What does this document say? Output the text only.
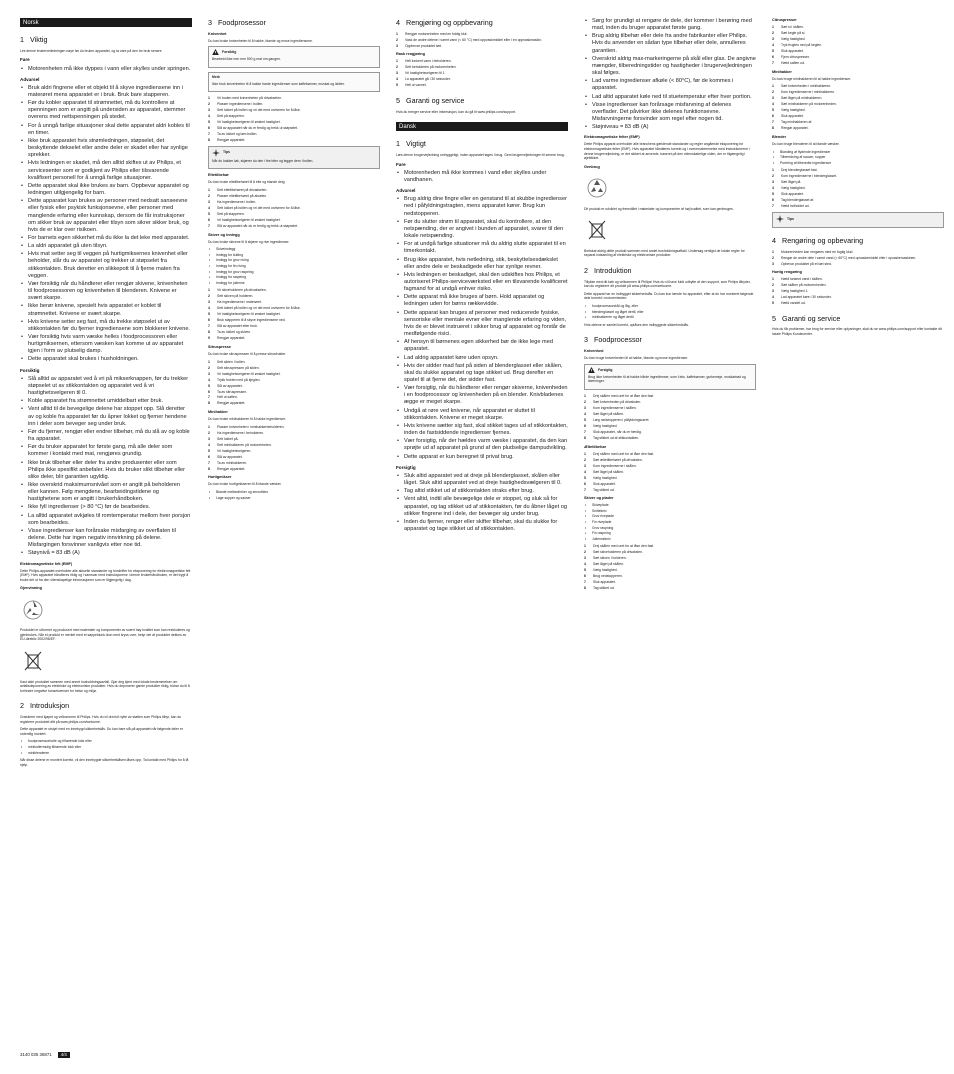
Norsk
1 Viktig

Les denne brukerveiledningen nøye før du bruker apparatet, og ta vare på den for bruk senere.

Fare
• Motorenheten må ikke dyppes i vann eller skylles under springen.
Advarsel
• Bruk aldri fingrene eller et objekt til å skyve ingrediensene inn i materøret mens apparatet er i bruk. Bruk bare stapperen.
• Før du kobler apparatet til strømnettet, må du kontrollere at spenningen som er angitt på undersiden av apparatet, stemmer overens med nettspenningen på stedet.
• For å unngå farlige situasjoner skal dette apparatet aldri kobles til en timer.
• Ikke bruk apparatet hvis strømledningen, støpselet, det beskyttende dekselet eller andre deler er skadet eller har synlige sprekker.
• Hvis ledningen er skadet, må den alltid skiftes ut av Philips, et servicesenter som er godkjent av Philips eller tilsvarende kvalifisert personell for å unngå farlige situasjoner.
• Dette apparatet skal ikke brukes av barn. Oppbevar apparatet og ledningen utilgjengelig for barn.
• Dette apparatet kan brukes av personer med nedsatt sanseevne eller fysisk eller psykisk funksjonsevne, eller personer med manglende erfaring eller kunnskap, dersom de får instruksjoner om sikker bruk av apparatet eller tilsyn som sikrer sikker bruk, og hvis de er klar over risikoen.
• For barnets egen sikkerhet må du ikke la det leke med apparatet.
• La aldri apparatet gå uten tilsyn.
• Hvis mat setter seg til veggen på hurtigmiksernes knivenhet eller beholder, slår du av apparatet og trekker ut støpselet fra stikkontakten. Bruk deretter en slikkepott til å fjerne maten fra veggen.
• Vær forsiktig når du håndterer eller rengjør skivene, knivenheten til foodprosessoren og knivenheten til blenderen. Knivene er svært skarpe.
• Ikke berør knivene, spesielt hvis apparatet er koblet til strømnettet. Knivene er svært skarpe.
• Hvis knivene setter seg fast, må du trekke støpselet ut av stikkontakten før du fjerner ingrediensene som blokkerer knivene.
• Vær forsiktig hvis varm væske helles i foodprocessoren eller hurtigmiksernen, ettersom væsken kan komme ut av apparatet igjen i form av plutselig damp.
• Dette apparatet skal brukes i husholdningen.
Forsiktig
• Slå alltid av apparatet ved å vri på mikserknappen, før du trekker støpselet ut av stikkontakten og apparatet ved å vri hastighetsvelgeren til 0.
• Koble apparatet fra strømnettet umiddelbart etter bruk.
• Vent alltid til de bevegelige delene har stoppet opp. Slå deretter av og koble fra apparatet før du åpner lokket og fjerner hendene inn i deler som beveger seg under bruk.
• Før du fjerner, rengjør eller endrer tilbehør, må du slå av og koble fra apparatet.
• Før du bruker apparatet for første gang, må alle deler som kommer i kontakt med mat, rengjøres grundig.
• Ikke bruk tilbehør eller deler fra andre produsenter eller som Philips ikke spesifikt anbefaler. Hvis du bruker slikt tilbehør eller slike deler, blir garantien ugyldig.
• Ikke overskrid maksimumsnivået som er angitt på beholderen eller kannen. Følg mengdene, bearbeidingstidene og hastighetene som er angitt i brukerhåndboken.
• Ikke fyll ingredienser (> 80 °C) før de bearbeides.
• La alltid apparatet avkjøles til romtemperatur mellom hver porsjon som bearbeides.
• Visse ingredienser kan forårsake misfarging av overflaten til delene. Dette har ingen negativ innvirkning på delene. Misfargingen forsvinner vanligvis etter noe tid.
• Støynivå = 83 dB (A)
Elektromagnetiske felt (EMF)

Dette Philips-apparatet overholder alle aktuelle standarder og forskrifter for eksponering for elektromagnetiske felt (EMF). Hvis apparatet håndteres riktig og i samsvar med instruksjonene i denne brukerhåndboken, er det trygt å bruke det ut fra den vitenskapelige informasjonen som er tilgjengelig i dag.

Gjenvinning

Produktet er utformet og produsert med materialer og komponenter av svært høy kvalitet som kan resirkuleres og gjenbrukes. Når et produkt er merket med et søppeldunk-ikon med kryss over, betyr det at produktet dekkes av EU-direktiv 2002/96/EF.

Kast aldri produktet sammen med annet husholdningsavfall. Gjør deg kjent med lokale bestemmelser om avfallsdeponering av elektriske og elektroniske produkter. Hvis du deponerer gamle produkter riktig, bidrar du til å forhindre negative konsekvenser for helse og miljø.

2 Introduksjon

Gratulerer med kjøpet og velkommen til Philips. Hvis du vil dra full nytte av støtten som Philips tilbyr, kan du registrere produktet ditt på www.philips.com/welcome.

Dette apparatet er utstyrt med en innebygd sikkerhetslås. Du kan bare slå på apparatet når følgende deler er ordentlig montert:

• foodprosessorbolle og tilhørende lokk eller
• minikuttermulig tilhørende lokk eller
• miniblenderen

Når disse delene er montert korrekt, vil den innebygde sikkerhetslåsen låses opp. Ta kontakt med Philips for å få hjelp.

3 Foodprosessor
Knivenhet

Du kan bruke knivenheten til å hakke, blande og mose ingrediensene.

Forsiktig

Bearbeid ikke mer enn 500 g mat om gangen.

Merk

Ikke bruk knivenheten til å hakke harde ingredienser som kaffebønner, muskat og isbiter.

1	Vri boden med knivenheten på drivakselen.
2	Plasser ingrediensene i bollen.
3	Sett lokket på bollen og vri det med urviseren for å låse.
4	Sett på stapperen.
5	Vri hastighetsvelgeren til ønsket hastighet.
6	Slå av apparatet når du er ferdig og trekk ut støpselet.
7	Ta av lokket og tøm bollen.
8	Rengjør apparatet.
Tips

Når du hakker løk, skjærer du den i fire biter og legger dem i bollen.

Eltetilbehør

Du kan bruke eltetilbehøret til å elte og blande deig.

1	Sett eltetilbehøret på drivakselen.
2	Plasser eltetilbehøret på akselen.
3	Ha ingrediensene i bollen.
4	Sett lokket på bollen og vri det med urviseren for å låse.
5	Sett på stapperen.
6	Vri hastighetsvelgeren til ønsket hastighet.
7	Slå av apparatet når du er ferdig og trekk ut støpselet.
Skiver og innlegg

Du kan bruke skivene til å skjære og rive ingredienser.

• Skiveinnlegg
• Innlegg for kutting
• Innlegg for grov riving
• Innlegg for fin riving
• Innlegg for grov raspeing
• Innlegg for raspeing
• Innlegg for julienne
1	Vri skiveholderen på drivakselen.
2	Sett skiven på holderen.
3	Ha ingrediensene i materøret.
4	Sett lokket på bollen og vri det med urviseren for å låse.
5	Vri hastighetsvelgeren til ønsket hastighet.
6	Bruk stapperen til å skyve ingrediensene ned.
7	Slå av apparatet etter bruk.
8	Ta av lokket og skiven.
9	Rengjør apparatet.
Sitruspresse

Du kan bruke sitruspressen til å presse sitrusfrukter.

1	Sett sikten i bollen.
2	Sett sitruspressen på sikten.
3	Vri hastighetsvelgeren til ønsket hastighet.
4	Trykk frukten ned på kjeglen.
5	Slå av apparatet.
6	Ta av sitruspressen.
7	Hell ut saften.
8	Rengjør apparatet.
Minihakker

Du kan bruke minihakkeren til å hakke ingredienser.

1	Plasser knivenheten i minihakkerbeholderen.
2	Ha ingrediensene i beholderen.
3	Sett lokket på.
4	Sett minihakkeren på motorenheten.
5	Vri hastighetsvelgeren.
6	Slå av apparatet.
7	Ta av minihakkeren.
8	Rengjør apparatet.
Hurtigmikser

Du kan bruke hurtigmikseren til å blande væsker.

• Blande melkedrinker og smoothies
• Lage supper og sauser
4 Rengjøring og oppbevaring
1	Rengjør motorenheten med en fuktig klut.
2	Vask de andre delene i varmt vann (< 60 °C) med oppvaskmiddel eller i en oppvaskmaskin.
3	Oppbevar produktet tørt.
Rask rengjøring
1	Hell lunkent vann i beholderen.
2	Sett beholderen på motorenheten.
3	Vri hastighetsvelgeren til 1.
4	La apparatet gå i 30 sekunder.
5	Hell ut vannet.
5 Garanti og service

Hvis du trenger service eller informasjon, kan du gå til www.philips.com/support.

Dansk
1 Vigtigt

Læs denne brugervejledning omhyggeligt, inden apparatet tages i brug. Gem brugervejledningen til senere brug.

Fare
• Motorenheden må ikke kommes i vand eller skylles under vandhanen.
Advarsel
• Brug aldrig dine fingre eller en genstand til at skubbe ingredienser ned i påfyldningstragten, mens apparatet kører. Brug kun nedstopperen.
• Før du slutter strøm til apparatet, skal du kontrollere, at den netspænding, der er angivet i bunden af apparatet, svarer til den lokale netspænding.
• For at undgå farlige situationer må du aldrig slutte apparatet til en timerkontakt.
• Brug ikke apparatet, hvis netledning, stik, beskyttelsesdækslet eller andre dele er beskadigede eller har synlige revner.
• Hvis ledningen er beskadiget, skal den udskiftes hos Philips, et autoriseret Philips-serviceværksted eller en tilsvarende kvalificeret fagmand for at undgå enhver risiko.
• Dette apparat må ikke bruges af børn. Hold apparatet og ledningen uden for børns rækkevidde.
• Dette apparat kan bruges af personer med reducerede fysiske, sensoriske eller mentale evner eller manglende erfaring og viden, hvis de er blevet instrueret i sikker brug af apparatet og forstår de medfølgende risici.
• Af hensyn til børnenes egen sikkerhed bør de ikke lege med apparatet.
• Lad aldrig apparatet køre uden opsyn.
• Hvis der sidder mad fast på siden af blenderglasset eller skålen, skal du slukke apparatet og tage stikket ud. Brug derefter en spatel til at fjerne det, der sidder fast.
• Vær forsigtig, når du håndterer eller rengør skiverne, knivenheden i en foodprocessor og knivenheden på en blender. Knivbladenes ægge er meget skarpe.
• Undgå at røre ved knivene, når apparatet er sluttet til stikkontakten. Knivene er meget skarpe.
• Hvis knivene sætter sig fast, skal stikket tages ud af stikkontakten, inden de fastsiddende ingredienser fjernes.
• Vær forsigtig, når der hældes varm væske i apparatet, da den kan sprøjte ud af apparatet på grund af den pludselige dampudvikling.
• Dette apparat er kun beregnet til privat brug.
Forsigtig
• Sluk altid apparatet ved at dreje på blenderglasset, skålen eller låget. Sluk altid apparatet ved at dreje hastighedsvælgeren til 0.
• Tag altid stikket ud af stikkontakten straks efter brug.
• Vent altid, indtil alle bevægelige dele er stoppet, og sluk så for apparatet, og tag stikket ud af stikkontakten, før du åbner låget og stikker fingrene ind i dele, der bevæger sig under brug.
• Inden du fjerner, rengør eller skifter tilbehør, skal du slukke for apparatet og tage stikket ud af stikkontakten.
• Sørg for grundigt at rengøre de dele, der kommer i berøring med mad, inden du bruger apparatet første gang.
• Brug aldrig tilbehør eller dele fra andre fabrikanter eller Philips. Hvis du anvender en sådan type tilbehør eller dele, annulleres garantien.
• Overskrid aldrig max-markeringerne på skål eller glas. De angivne mængder, tilberedningstider og hastigheder i brugervejledningen skal følges.
• Lad varme ingredienser afkøle (< 80°C), før de kommes i apparatet.
• Lad altid apparatet køle ned til stuetemperatur efter hver portion.
• Visse ingredienser kan forårsage misfarvning af delenes overflader. Det påvirker ikke delenes funktionsevne. Misfarvningerne forsvinder som regel efter nogen tid.
• Støjniveau = 83 dB (A)
Elektromagnetiske felter (EMF)

Dette Philips apparat overholder alle branchens gældende standarder og regler angående eksponering for elektromagnetiske felter (EMF). Hvis apparatet håndteres korrekt og i overensstemmelse med instruktionerne i denne brugervejledning, er det sikkert at anvende, baseret på den videnskabelige viden, der er tilgængelig i øjeblikket.

Genbrug

Dit produkt er udviklet og fremstillet i materialer og komponenter af høj kvalitet, som kan genbruges.

Bortskaf aldrig dette produkt sammen med andet husholdningsaffald. Undersøg venligst de lokale regler for separat indsamling af elektriske og elektroniske produkter.

2 Introduktion

Tillykke med dit køb og velkommen til Philips! Hvis du vil have fuldt udbytte af den support, som Philips tilbyder, kan du registrere dit produkt på www.philips.com/welcome.

Dette apparat har en indbygget sikkerhedslås. Du kan kun tænde for apparatet, efter at du har monteret følgende dele korrekt i motorenheden:

• foodprocessorskål og låg, eller
• blenderglasset og låget dertil, eller
• minihakkeren og låget dertil.

Hvis delene er samlet korrekt, oplåses den indbyggede sikkerhedslås.

3 Foodprocessor
Knivenhed

Du kan bruge knivenheden til at hakke, blande og mose ingredienser.

Forsigtig

Brug ikke knivenheden til at hakke hårde ingredienser, som f.eks. kaffebønner, gurkemeje, muskatnød og isterninger.

1	Drej skålen med uret for at låse den fast.
2	Sæt knivenheden på drivakslen.
3	Kom ingredienserne i skålen.
4	Sæt låget på skålen.
5	Læg nedstopperen i påfyldningsrøret.
6	Vælg hastighed.
7	Sluk apparatet, når du er færdig.
8	Tag stikket ud af stikkontakten.
Æltetilbehør
1	Drej skålen med uret for at låse den fast.
2	Sæt æltetilbehøret på drivakslen.
3	Kom ingredienserne i skålen.
4	Sæt låget på skålen.
5	Vælg hastighed.
6	Sluk apparatet.
7	Tag stikket ud.
Skiver og plader
• Skiveplade
• Snittekniv
• Grov riveplade
• Fin riveplade
• Grov raspning
• Fin raspning
• Juliennekniv
1	Drej skålen med uret for at låse den fast.
2	Sæt skiveholderen på drivakslen.
3	Sæt skiven i holderen.
4	Sæt låget på skålen.
5	Vælg hastighed.
6	Brug nedstopperen.
7	Sluk apparatet.
8	Tag stikket ud.
Citruspresser
1	Sæt si i skålen.
2	Sæt kegle på si.
3	Vælg hastighed.
4	Tryk frugten ned på keglen.
5	Sluk apparatet.
6	Fjern citruspresser.
7	Hæld saften ud.
Minihakker

Du kan bruge minihakkeren til at hakke ingredienser.

1	Sæt knivenheden i minihakkeren.
2	Kom ingredienserne i minihakkeren.
3	Sæt låget på minihakkeren.
4	Sæt minihakkeren på motorenheden.
5	Vælg hastighed.
6	Sluk apparatet.
7	Tag minihakkeren af.
8	Rengør apparatet.
Blender

Du kan bruge blenderen til at blande væsker.

• Blanding af flydende ingredienser
• Tilberedning af saucer, supper
• Puréring af tilberedte ingredienser
1	Drej blenderglasset fast.
2	Kom ingredienserne i blenderglasset.
3	Sæt låget på.
4	Vælg hastighed.
5	Sluk apparatet.
6	Tag blenderglasset af.
7	Hæld indholdet ud.
Tips
4 Rengøring og opbevaring
1	Motorenheden kan rengøres med en fugtig klud.
2	Rengør de andre dele i varmt vand (< 60°C) med opvaskemiddel eller i opvaskemaskinen.
3	Opbevar produktet på et tørt sted.
Hurtig rengøring
1	Hæld lunkent vand i skålen.
2	Sæt skålen på motorenheden.
3	Vælg hastighed 1.
4	Lad apparatet køre i 30 sekunder.
5	Hæld vandet ud.
5 Garanti og service

Hvis du får problemer, har brug for service eller oplysninger, skal du se www.philips.com/support eller kontakte dit lokale Philips Kundecenter.

3140 035 36871	4/4
